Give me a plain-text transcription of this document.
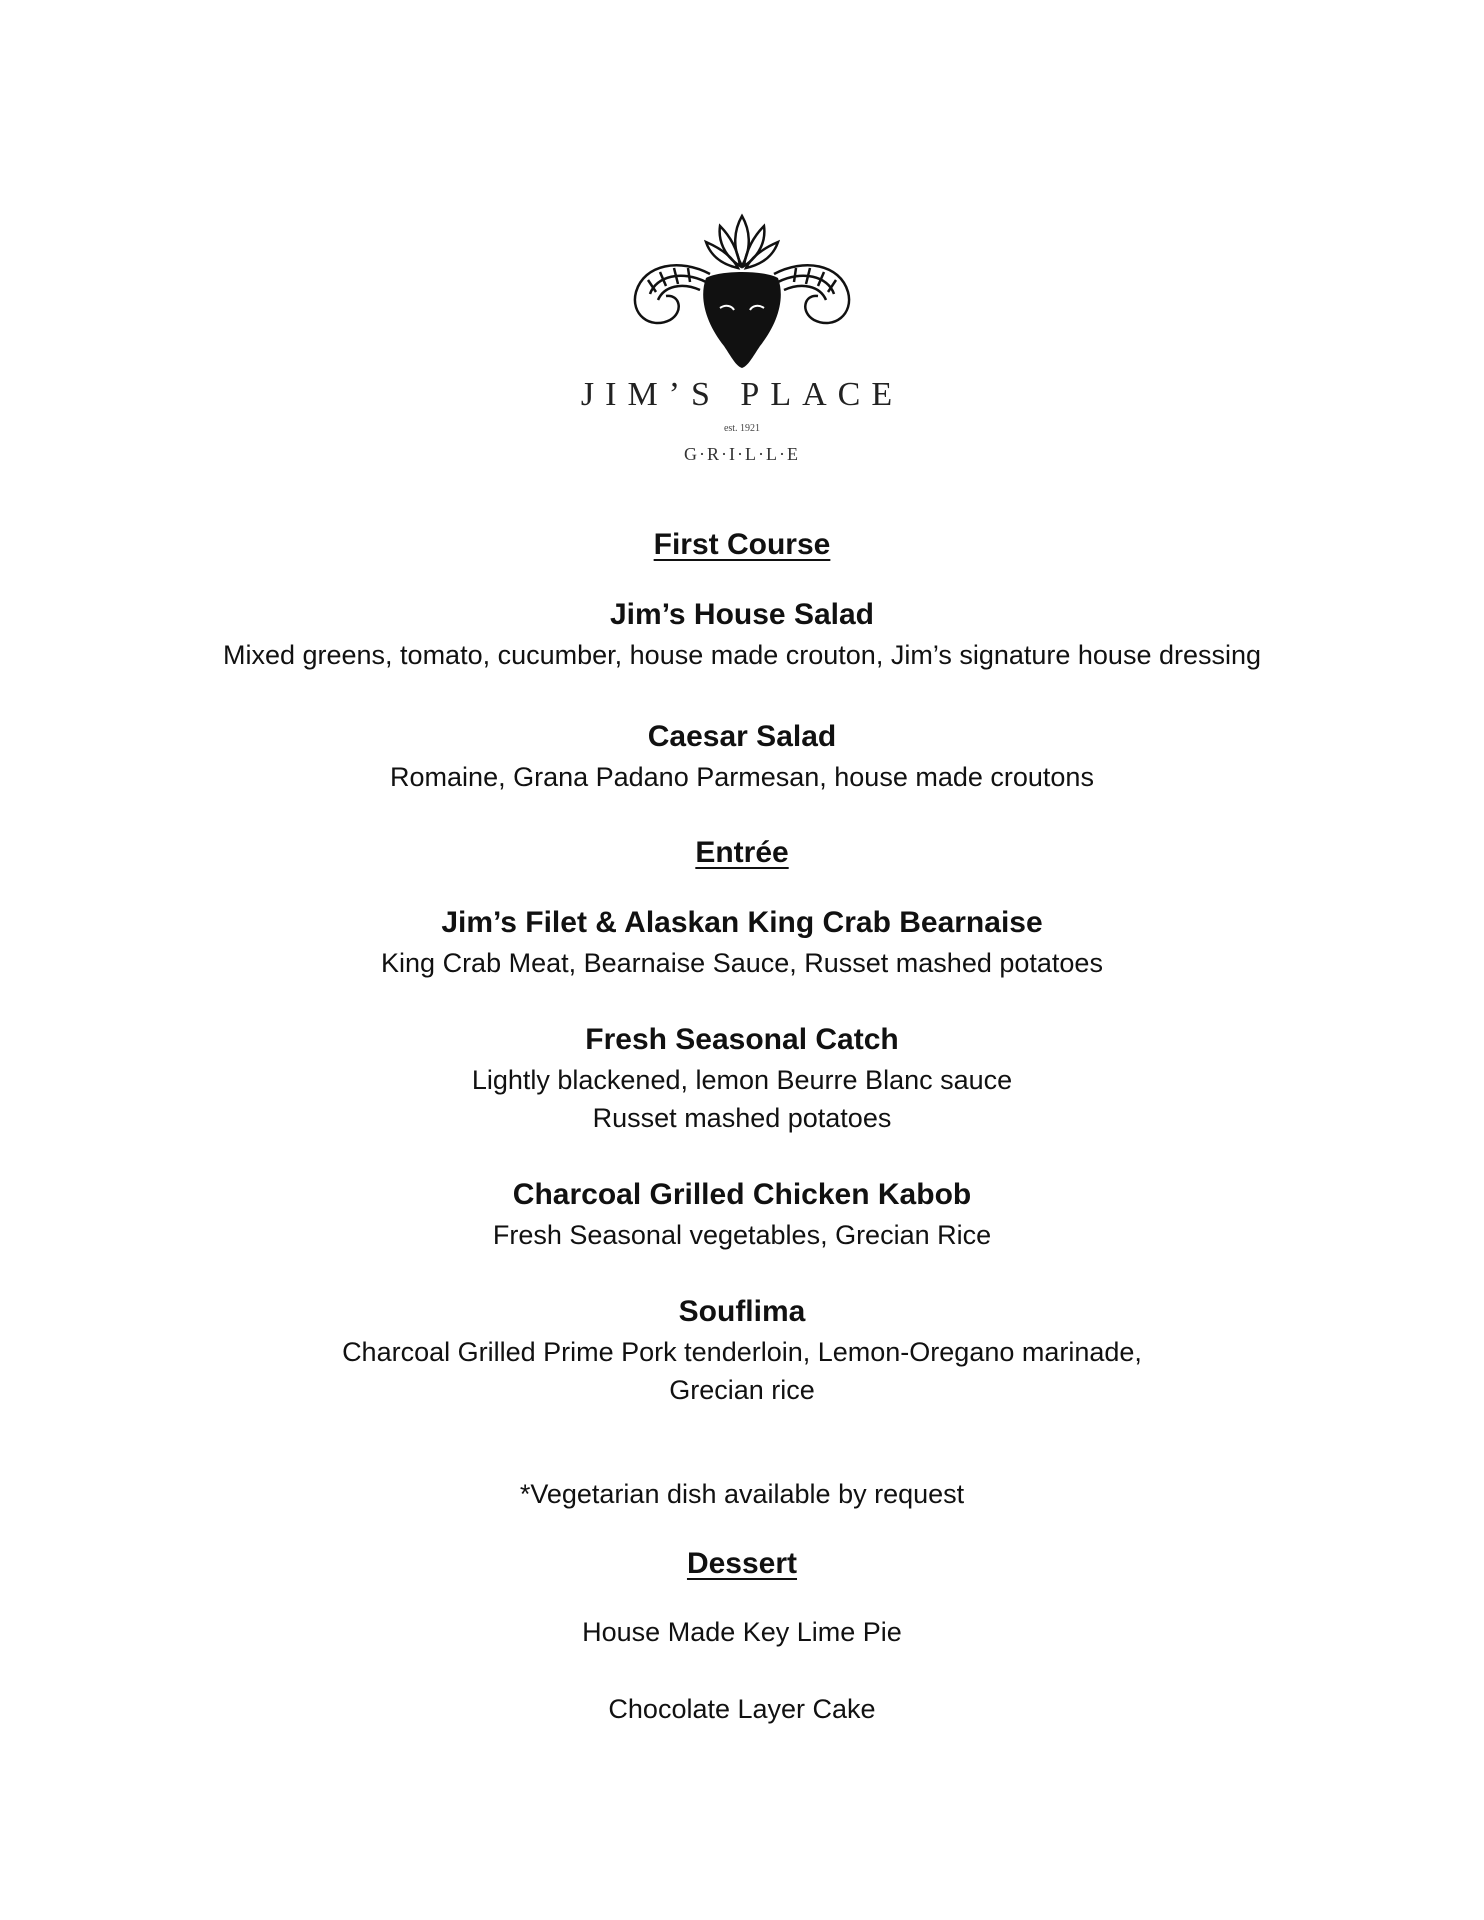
JIM’S PLACE
est. 1921
G·R·I·L·L·E
First Course
Jim’s House Salad
Mixed greens, tomato, cucumber, house made crouton, Jim’s signature house dressing
Caesar Salad
Romaine, Grana Padano Parmesan, house made croutons
Entrée
Jim’s Filet & Alaskan King Crab Bearnaise
King Crab Meat, Bearnaise Sauce, Russet mashed potatoes
Fresh Seasonal Catch
Lightly blackened, lemon Beurre Blanc sauce
Russet mashed potatoes
Charcoal Grilled Chicken Kabob
Fresh Seasonal vegetables, Grecian Rice
Souflima
Charcoal Grilled Prime Pork tenderloin, Lemon-Oregano marinade,
Grecian rice
*Vegetarian dish available by request
Dessert
House Made Key Lime Pie
Chocolate Layer Cake
